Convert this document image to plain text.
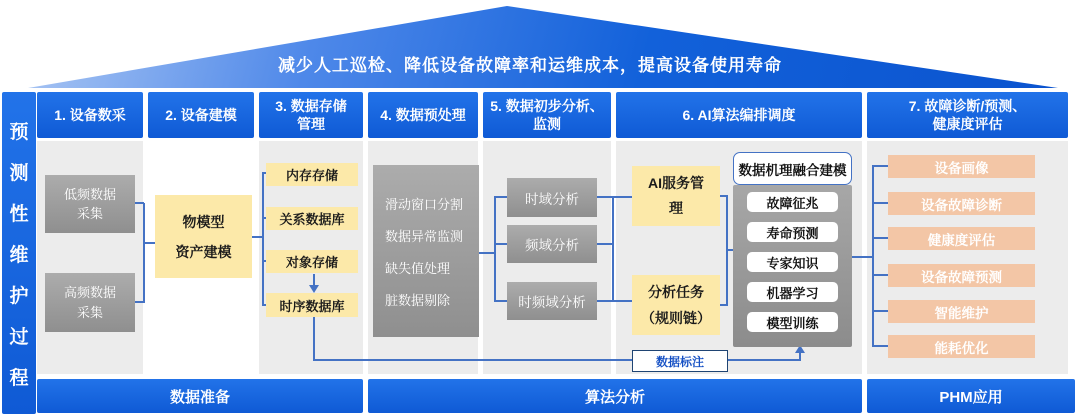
减少人工巡检、降低设备故障率和运维成本，提高设备使用寿命
预
测
性
维
护
过
程
1. 设备数采	2. 设备建模
3. 数据存储
管理
4. 数据预处理
5. 数据初步分析、
监测
6. AI算法编排调度
7. 故障诊断/预测、
健康度评估
低频数据采集
高频数据采集
物模型
资产建模
内存存储
关系数据库
对象存储
时序数据库
滑动窗口分割
数据异常监测
缺失值处理
脏数据剔除
时域分析
频域分析
时频域分析
AI服务管理
分析任务
（规则链）
数据机理融合建模
故障征兆
寿命预测
专家知识
机器学习
模型训练
数据标注
设备画像
设备故障诊断
健康度评估
设备故障预测
智能维护
能耗优化
数据准备	算法分析	PHM应用
